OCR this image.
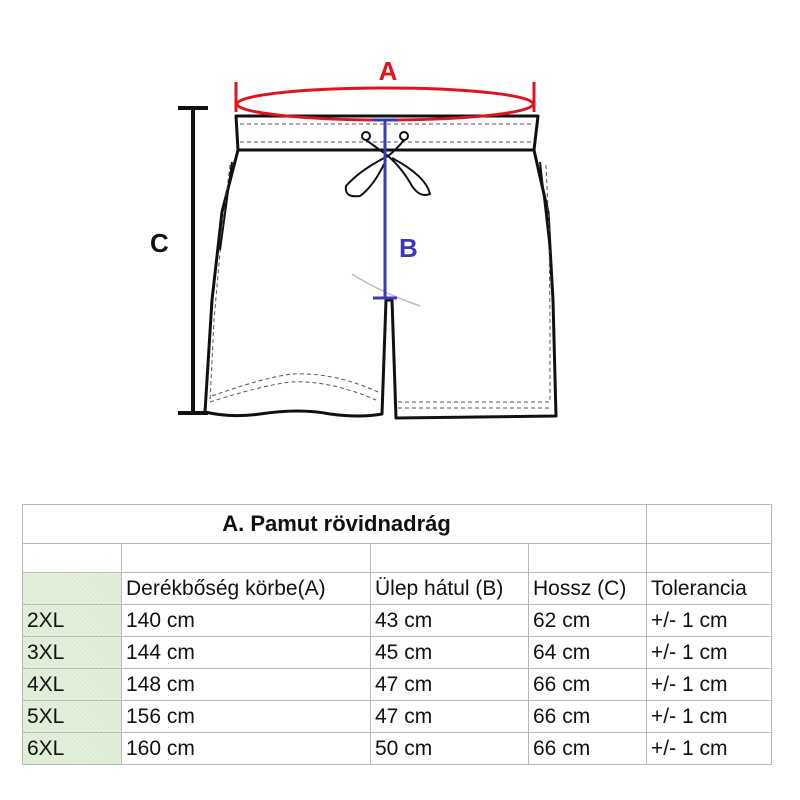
A
B
C
A. Pamut rövidnadrág				

	Derékbőség körbe(A)	Ülep hátul (B)	Hossz (C)	Tolerancia
2XL	140 cm	43 cm	62 cm	+/- 1 cm
3XL	144 cm	45 cm	64 cm	+/- 1 cm
4XL	148 cm	47 cm	66 cm	+/- 1 cm
5XL	156 cm	47 cm	66 cm	+/- 1 cm
6XL	160 cm	50 cm	66 cm	+/- 1 cm
